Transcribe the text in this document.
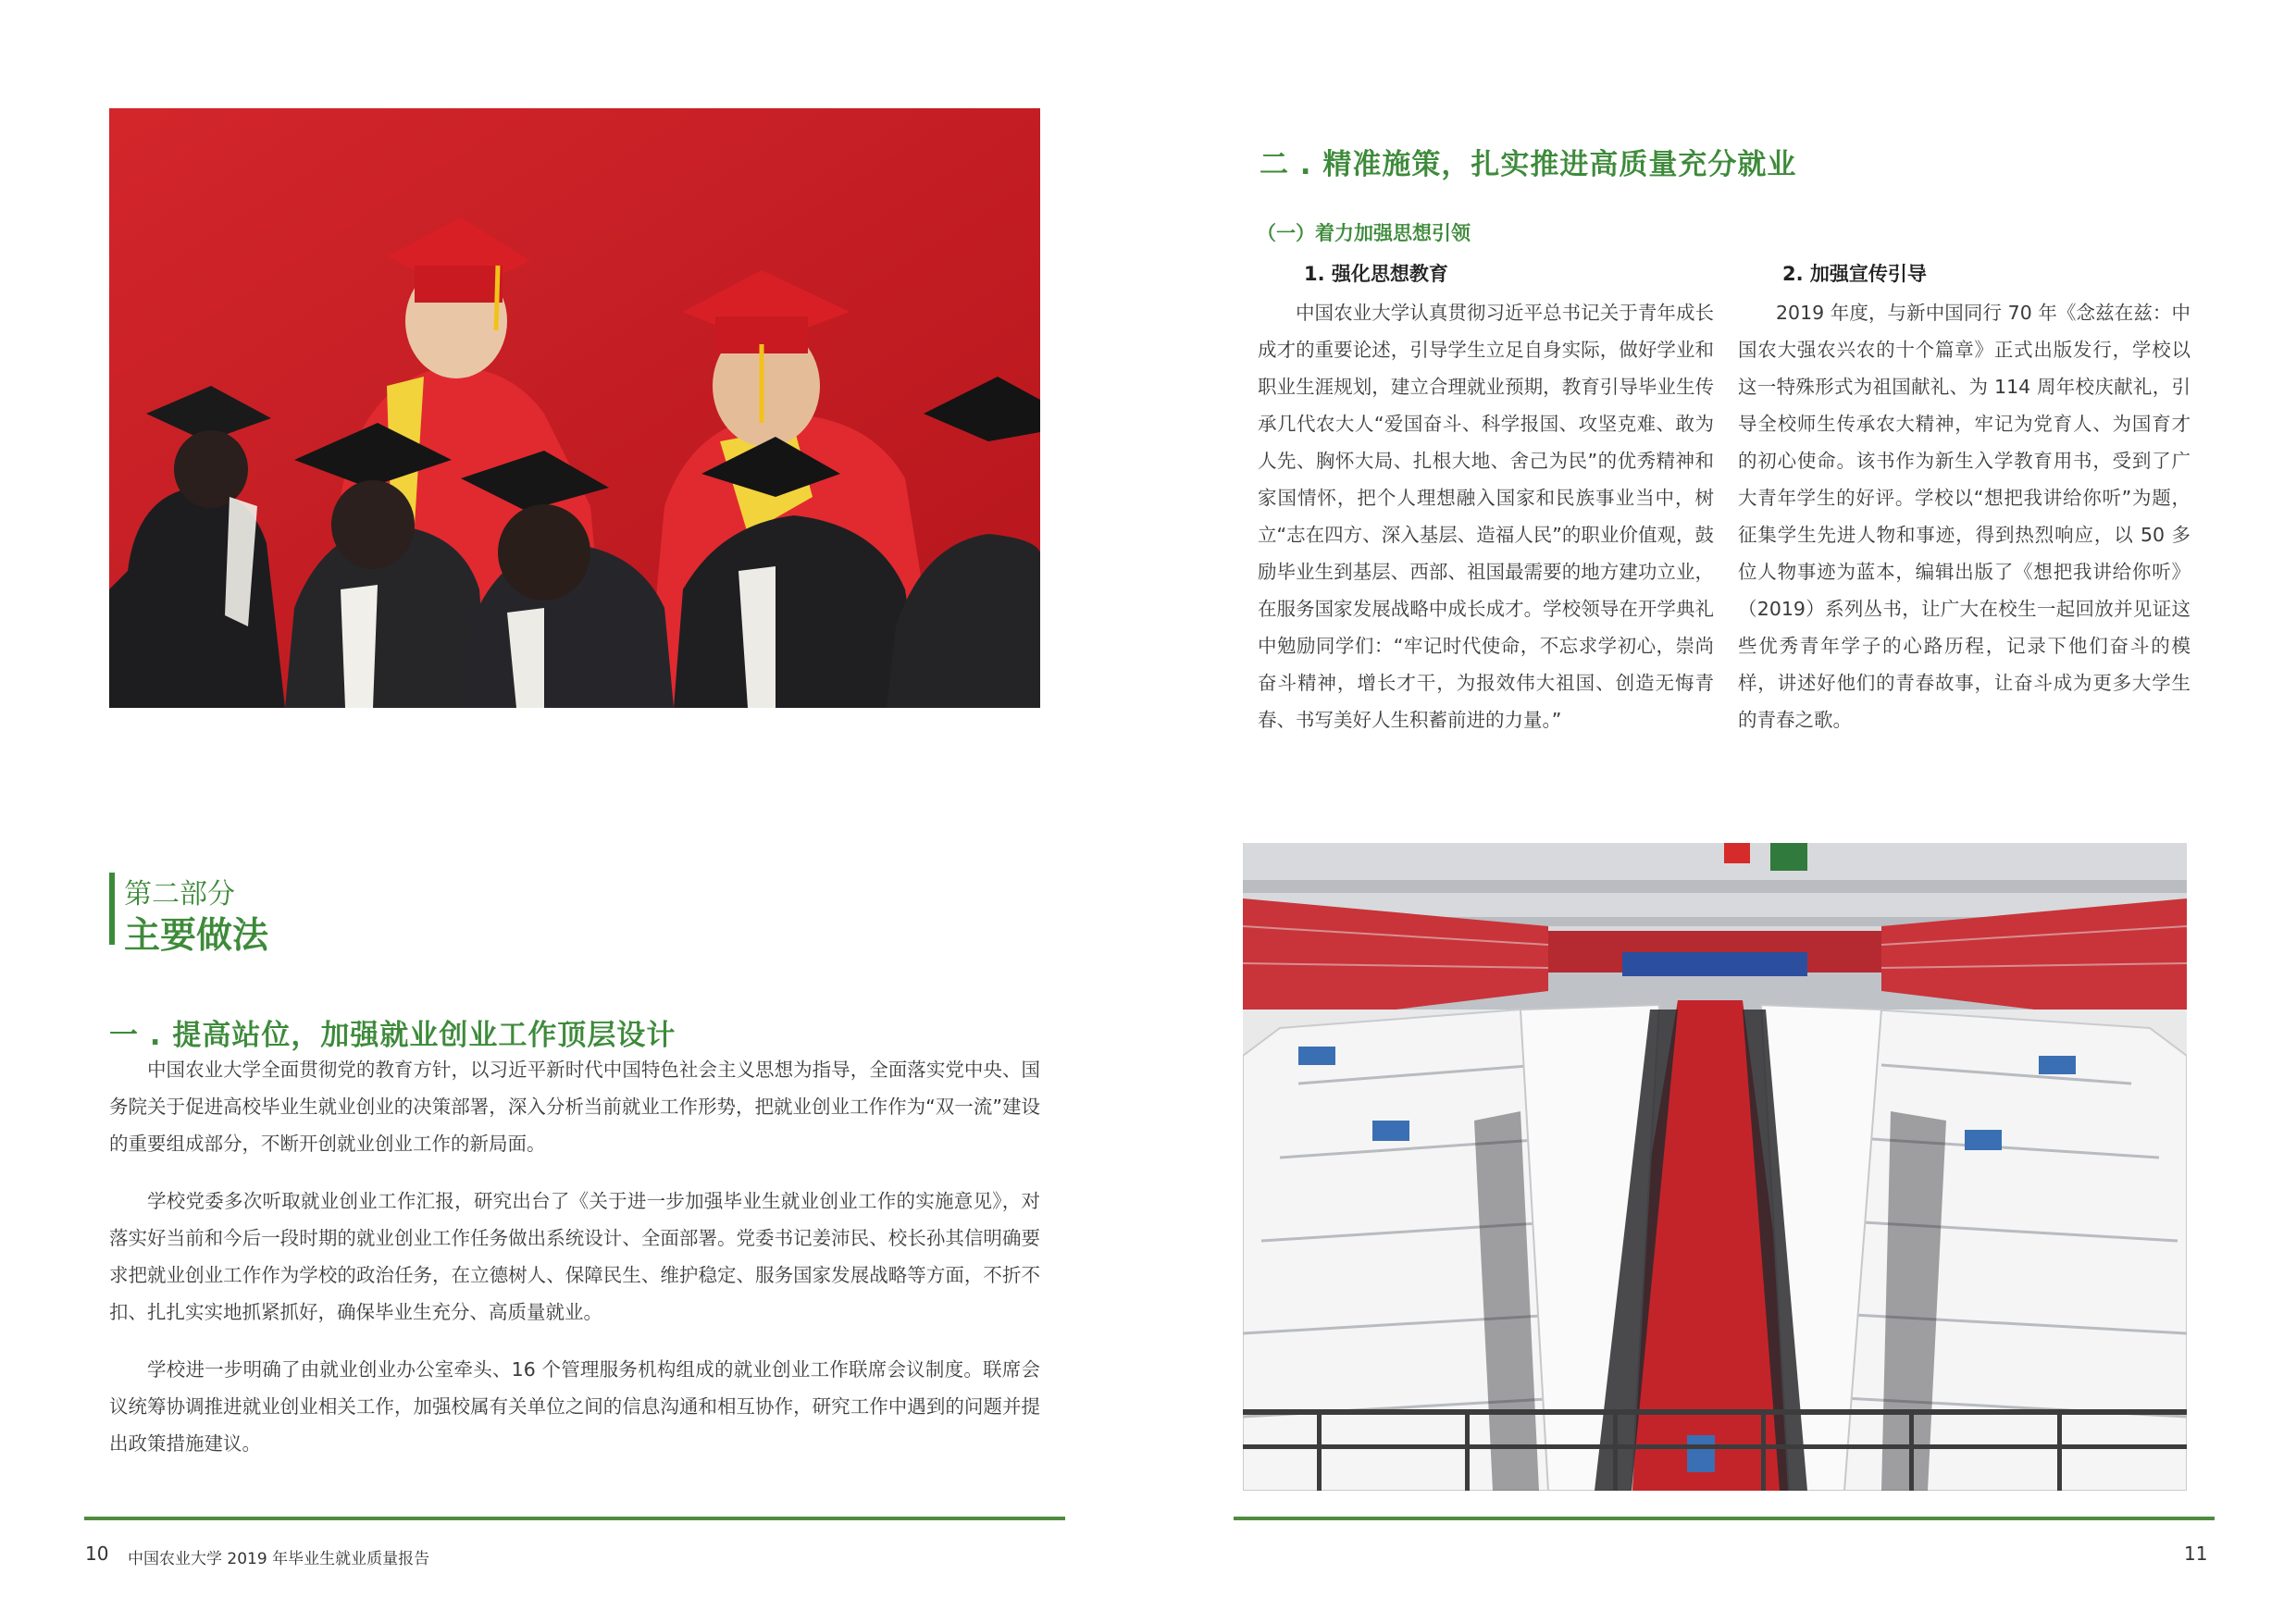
二 . 精准施策，扎实推进高质量充分就业
（一）着力加强思想引领
1. 强化思想教育

中国农业大学认真贯彻习近平总书记关于青年成长成才的重要论述，引导学生立足自身实际，做好学业和职业生涯规划，建立合理就业预期，教育引导毕业生传承几代农大人“爱国奋斗、科学报国、攻坚克难、敢为人先、胸怀大局、扎根大地、舍己为民”的优秀精神和家国情怀，把个人理想融入国家和民族事业当中，树立“志在四方、深入基层、造福人民”的职业价值观，鼓励毕业生到基层、西部、祖国最需要的地方建功立业，在服务国家发展战略中成长成才。学校领导在开学典礼中勉励同学们：“牢记时代使命，不忘求学初心，崇尚奋斗精神，增长才干，为报效伟大祖国、创造无悔青春、书写美好人生积蓄前进的力量。”

2. 加强宣传引导

2019 年度，与新中国同行 70 年《念兹在兹：中国农大强农兴农的十个篇章》正式出版发行，学校以这一特殊形式为祖国献礼、为 114 周年校庆献礼，引导全校师生传承农大精神，牢记为党育人、为国育才的初心使命。该书作为新生入学教育用书，受到了广大青年学生的好评。学校以“想把我讲给你听”为题，征集学生先进人物和事迹，得到热烈响应，以 50 多位人物事迹为蓝本，编辑出版了《想把我讲给你听》（2019）系列丛书，让广大在校生一起回放并见证这些优秀青年学子的心路历程，记录下他们奋斗的模样，讲述好他们的青春故事，让奋斗成为更多大学生的青春之歌。

第二部分
主要做法
一 . 提高站位，加强就业创业工作顶层设计

中国农业大学全面贯彻党的教育方针，以习近平新时代中国特色社会主义思想为指导，全面落实党中央、国务院关于促进高校毕业生就业创业的决策部署，深入分析当前就业工作形势，把就业创业工作作为“双一流”建设的重要组成部分，不断开创就业创业工作的新局面。

学校党委多次听取就业创业工作汇报，研究出台了《关于进一步加强毕业生就业创业工作的实施意见》，对落实好当前和今后一段时期的就业创业工作任务做出系统设计、全面部署。党委书记姜沛民、校长孙其信明确要求把就业创业工作作为学校的政治任务，在立德树人、保障民生、维护稳定、服务国家发展战略等方面，不折不扣、扎扎实实地抓紧抓好，确保毕业生充分、高质量就业。

学校进一步明确了由就业创业办公室牵头、16 个管理服务机构组成的就业创业工作联席会议制度。联席会议统筹协调推进就业创业相关工作，加强校属有关单位之间的信息沟通和相互协作，研究工作中遇到的问题并提出政策措施建议。

10 中国农业大学 2019 年毕业生就业质量报告	11
